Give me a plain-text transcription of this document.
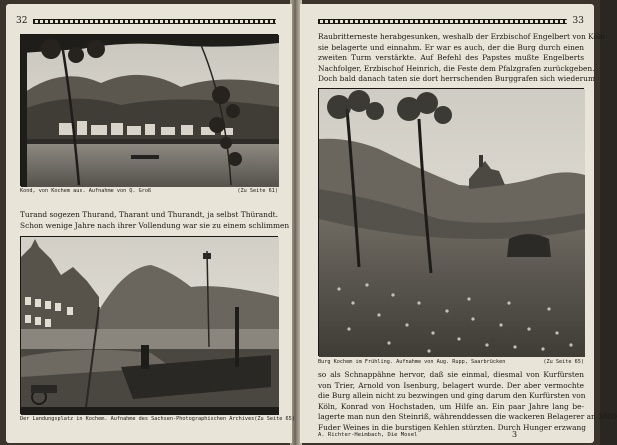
32
Kond, von Kochem aus. Aufnahme von Q. Groß	(Zu Seite 61)
Turand sogezen Thurand, Tharant und Thurandt, ja selbst Thürandt.
Schon wenige Jahre nach ihrer Vollendung war sie zu einem schlimmen
Der Landungsplatz in Kochem. Aufnahme des Sachsen-Photographischen Archives (Zu Seite 65)
33
Raubritterneste herabgesunken, weshalb der Erzbischof Engelbert von Köln
sie belagerte und einnahm. Er war es auch, der die Burg durch einen
zweiten Turm verstärkte. Auf Befehl des Papstes mußte Engelberts
Nachfolger, Erzbischof Heinrich, die Feste dem Pfalzgrafen zurückgeben.
Doch bald danach taten sie dort herrschenden Burggrafen sich wiederum
Burg Kochem im Frühling. Aufnahme von Aug. Rupp, Saarbrücken	(Zu Seite 65)
so als Schnappähne hervor, daß sie einmal, diesmal von Kurfürsten
von Trier, Arnold von Isenburg, belagert wurde. Der aber vermochte
die Burg allein nicht zu bezwingen und ging darum den Kurfürsten von
Köln, Konrad von Hochstaden, um Hilfe an. Ein paar Jahre lang be-
lagerte man nun den Steinriß, währenddessen die wackeren Belagerer an 3000
Fuder Weines in die burstigen Kehlen stürzten. Durch Hunger erzwang
A. Richter-Heimbach, Die Mosel	3
